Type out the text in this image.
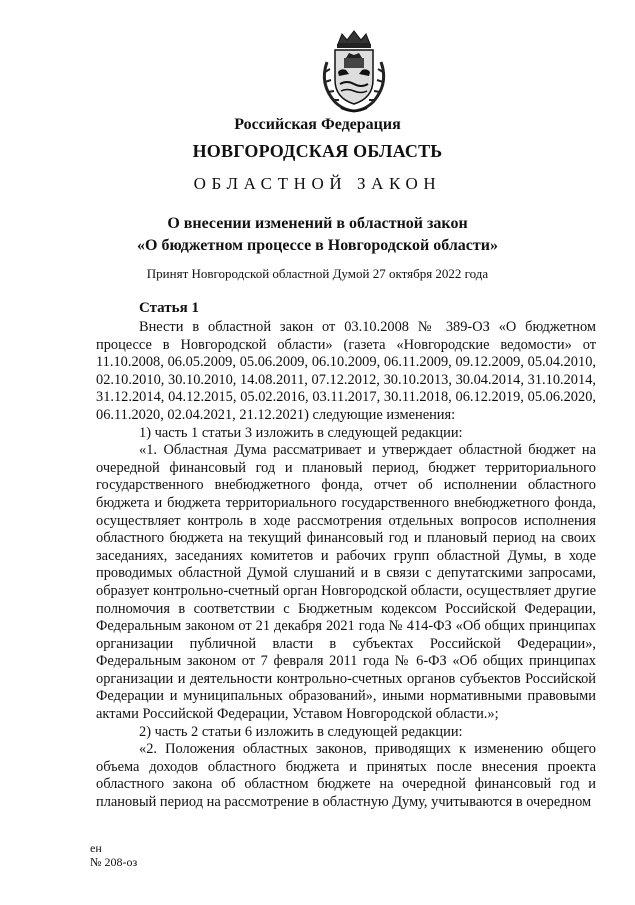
Российская Федерация
НОВГОРОДСКАЯ ОБЛАСТЬ
ОБЛАСТНОЙ ЗАКОН
О внесении изменений в областной закон
«О бюджетном процессе в Новгородской области»
Принят Новгородской областной Думой 27 октября 2022 года
Статья 1

Внести в областной закон от 03.10.2008 № 389-ОЗ «О бюджетном процессе в Новгородской области» (газета «Новгородские ведомости» от 11.10.2008, 06.05.2009, 05.06.2009, 06.10.2009, 06.11.2009, 09.12.2009, 05.04.2010, 02.10.2010, 30.10.2010, 14.08.2011, 07.12.2012, 30.10.2013, 30.04.2014, 31.10.2014, 31.12.2014, 04.12.2015, 05.02.2016, 03.11.2017, 30.11.2018, 06.12.2019, 05.06.2020, 06.11.2020, 02.04.2021, 21.12.2021) следующие изменения:

1) часть 1 статьи 3 изложить в следующей редакции:

«1. Областная Дума рассматривает и утверждает областной бюджет на очередной финансовый год и плановый период, бюджет территориального государственного внебюджетного фонда, отчет об исполнении областного бюджета и бюджета территориального государственного внебюджетного фонда, осуществляет контроль в ходе рассмотрения отдельных вопросов исполнения областного бюджета на текущий финансовый год и плановый период на своих заседаниях, заседаниях комитетов и рабочих групп областной Думы, в ходе проводимых областной Думой слушаний и в связи с депутатскими запросами, образует контрольно-счетный орган Новгородской области, осуществляет другие полномочия в соответствии с Бюджетным кодексом Российской Федерации, Федеральным законом от 21 декабря 2021 года № 414-ФЗ «Об общих принципах организации публичной власти в субъектах Российской Федерации», Федеральным законом от 7 февраля 2011 года № 6-ФЗ «Об общих принципах организации и деятельности контрольно-счетных органов субъектов Российской Федерации и муниципальных образований», иными нормативными правовыми актами Российской Федерации, Уставом Новгородской области.»;

2) часть 2 статьи 6 изложить в следующей редакции:

«2. Положения областных законов, приводящих к изменению общего объема доходов областного бюджета и принятых после внесения проекта областного закона об областном бюджете на очередной финансовый год и плановый период на рассмотрение в областную Думу, учитываются в очередном

ен
№ 208-оз
